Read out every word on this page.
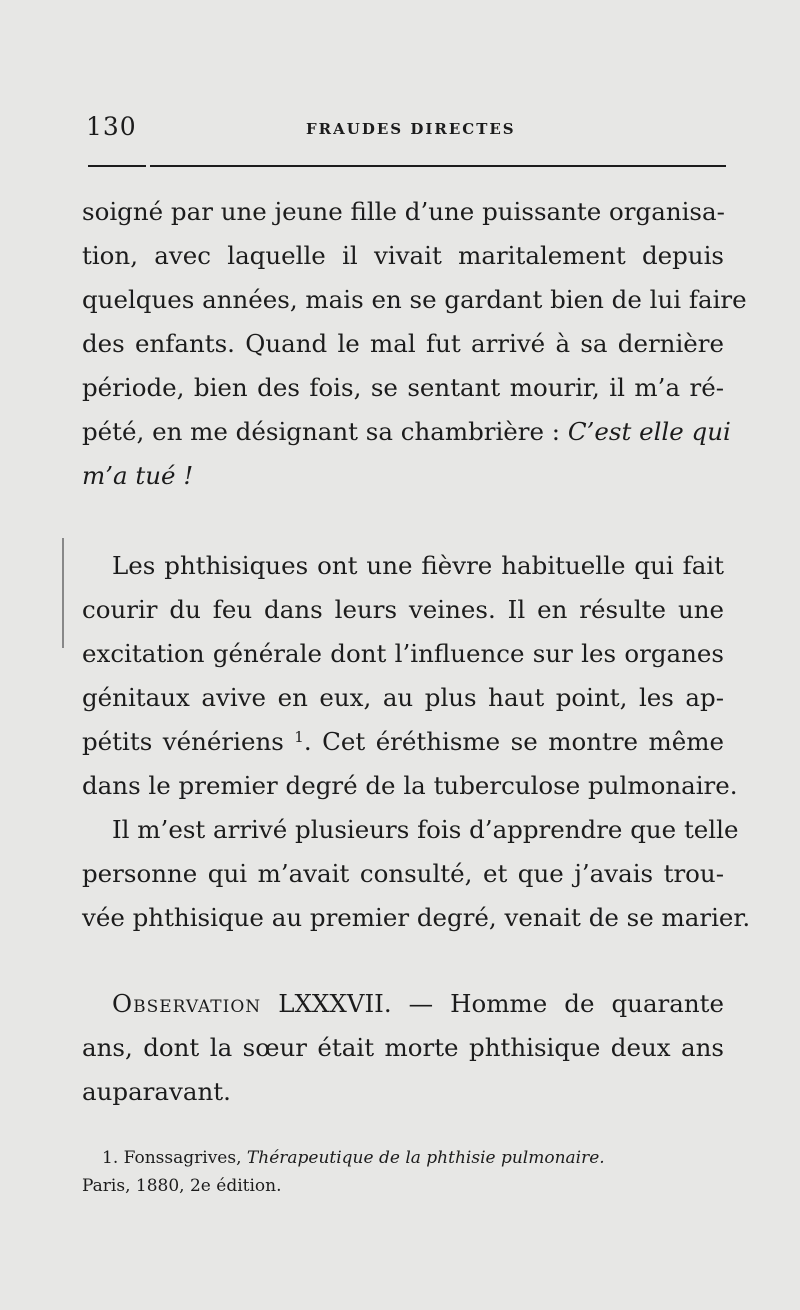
130	FRAUDES DIRECTES
soigné par une jeune fille d’une puissante organisa-
tion, avec laquelle il vivait maritalement depuis
quelques années, mais en se gardant bien de lui faire
des enfants. Quand le mal fut arrivé à sa dernière
période, bien des fois, se sentant mourir, il m’a ré-
pété, en me désignant sa chambrière : C’est elle qui
m’a tué !
Les phthisiques ont une fièvre habituelle qui fait
courir du feu dans leurs veines. Il en résulte une
excitation générale dont l’influence sur les organes
génitaux avive en eux, au plus haut point, les ap-
pétits vénériens $^1$. Cet éréthisme se montre même
dans le premier degré de la tuberculose pulmonaire.
Il m’est arrivé plusieurs fois d’apprendre que telle
personne qui m’avait consulté, et que j’avais trou-
vée phthisique au premier degré, venait de se marier.
Observation LXXXVII. — Homme de quarante
ans, dont la sœur était morte phthisique deux ans
auparavant.
1. Fonssagrives, Thérapeutique de la phthisie pulmonaire.
Paris, 1880, 2e édition.
